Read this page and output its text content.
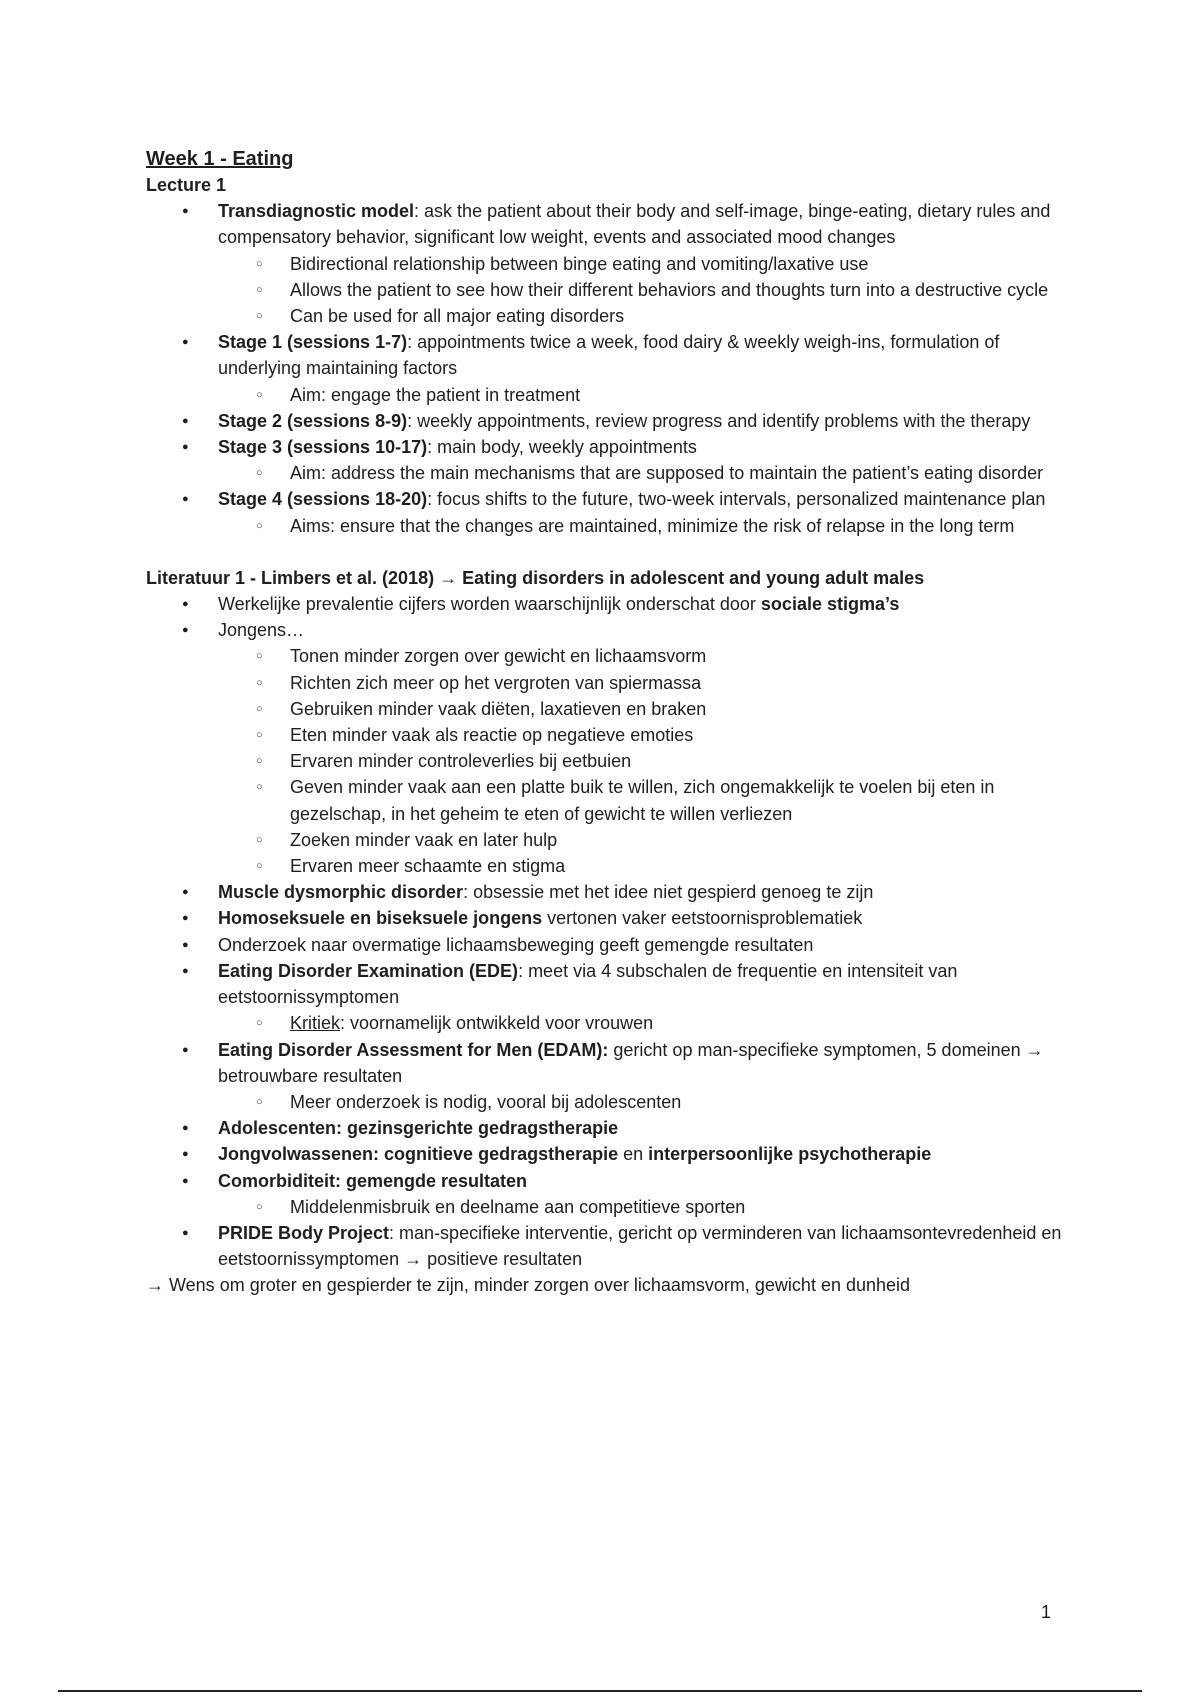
Week 1 - Eating
Lecture 1
● Transdiagnostic model: ask the patient about their body and self-image, binge-eating, dietary rules and compensatory behavior, significant low weight, events and associated mood changes
○ Bidirectional relationship between binge eating and vomiting/laxative use
○ Allows the patient to see how their different behaviors and thoughts turn into a destructive cycle
○ Can be used for all major eating disorders
● Stage 1 (sessions 1-7): appointments twice a week, food dairy & weekly weigh-ins, formulation of underlying maintaining factors
○ Aim: engage the patient in treatment
● Stage 2 (sessions 8-9): weekly appointments, review progress and identify problems with the therapy
● Stage 3 (sessions 10-17): main body, weekly appointments
○ Aim: address the main mechanisms that are supposed to maintain the patient’s eating disorder
● Stage 4 (sessions 18-20): focus shifts to the future, two-week intervals, personalized maintenance plan
○ Aims: ensure that the changes are maintained, minimize the risk of relapse in the long term
Literatuur 1 - Limbers et al. (2018) → Eating disorders in adolescent and young adult males
● Werkelijke prevalentie cijfers worden waarschijnlijk onderschat door sociale stigma’s
● Jongens…
○ Tonen minder zorgen over gewicht en lichaamsvorm
○ Richten zich meer op het vergroten van spiermassa
○ Gebruiken minder vaak diëten, laxatieven en braken
○ Eten minder vaak als reactie op negatieve emoties
○ Ervaren minder controleverlies bij eetbuien
○ Geven minder vaak aan een platte buik te willen, zich ongemakkelijk te voelen bij eten in gezelschap, in het geheim te eten of gewicht te willen verliezen
○ Zoeken minder vaak en later hulp
○ Ervaren meer schaamte en stigma
● Muscle dysmorphic disorder: obsessie met het idee niet gespierd genoeg te zijn
● Homoseksuele en biseksuele jongens vertonen vaker eetstoornisproblematiek
● Onderzoek naar overmatige lichaamsbeweging geeft gemengde resultaten
● Eating Disorder Examination (EDE): meet via 4 subschalen de frequentie en intensiteit van eetstoornissymptomen
○ Kritiek: voornamelijk ontwikkeld voor vrouwen
● Eating Disorder Assessment for Men (EDAM): gericht op man-specifieke symptomen, 5 domeinen → betrouwbare resultaten
○ Meer onderzoek is nodig, vooral bij adolescenten
● Adolescenten: gezinsgerichte gedragstherapie
● Jongvolwassenen: cognitieve gedragstherapie en interpersoonlijke psychotherapie
● Comorbiditeit: gemengde resultaten
○ Middelenmisbruik en deelname aan competitieve sporten
● PRIDE Body Project: man-specifieke interventie, gericht op verminderen van lichaamsontevredenheid en eetstoornissymptomen → positieve resultaten
→ Wens om groter en gespierder te zijn, minder zorgen over lichaamsvorm, gewicht en dunheid
1
